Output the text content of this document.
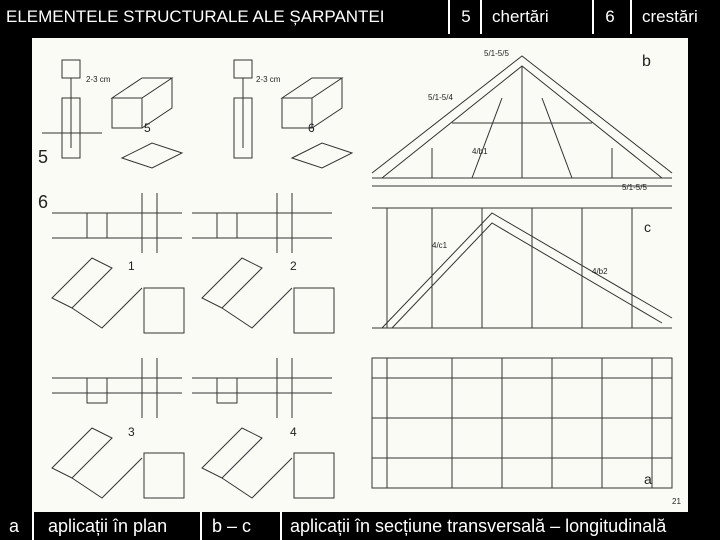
ELEMENTELE STRUCTURALE ALE ȘARPANTEI	5	chertări	6	crestări
5
6
5	6
2-3 cm	2-3 cm
1	2
3	4
b
c
a
21
5/1-5/5
5/1-5/4
4/b1
4/c1
4/b2
5/1-5/5
a	aplicații în plan	b – c	aplicații în secțiune transversală – longitudinală
